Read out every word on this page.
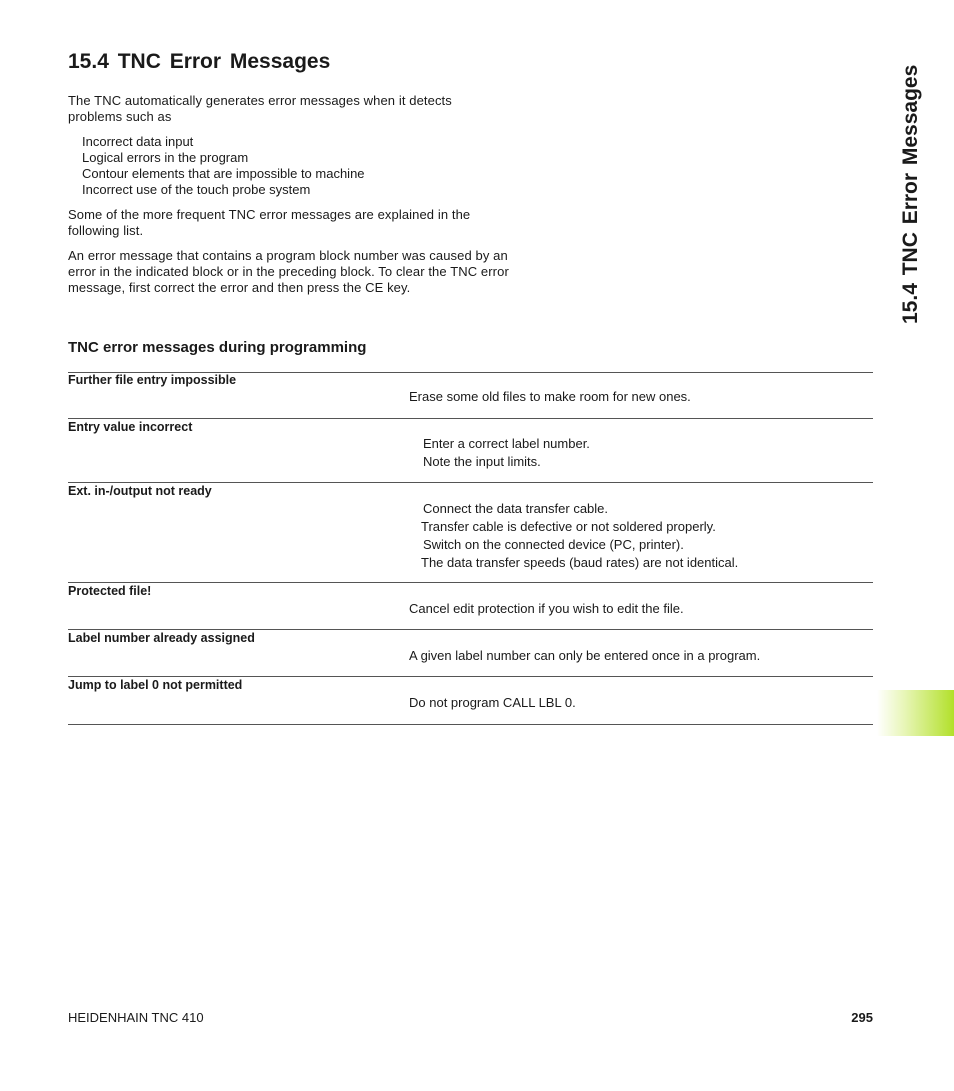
15.4 TNC Error Messages

The TNC automatically generates error messages when it detects problems such as

Incorrect data input
Logical errors in the program
Contour elements that are impossible to machine
Incorrect use of the touch probe system

Some of the more frequent TNC error messages are explained in the following list.

An error message that contains a program block number was caused by an error in the indicated block or in the preceding block. To clear the TNC error message, first correct the error and then press the CE key.

TNC error messages during programming

Further file entry impossible

Erase some old files to make room for new ones.

Entry value incorrect

Enter a correct label number.
Note the input limits.

Ext. in-/output not ready

Connect the data transfer cable.
Transfer cable is defective or not soldered properly.
Switch on the connected device (PC, printer).
The data transfer speeds (baud rates) are not identical.

Protected file!

Cancel edit protection if you wish to edit the file.

Label number already assigned

A given label number can only be entered once in a program.

Jump to label 0 not permitted

Do not program CALL LBL 0.
15.4 TNC Error Messages
HEIDENHAIN TNC 410	295
